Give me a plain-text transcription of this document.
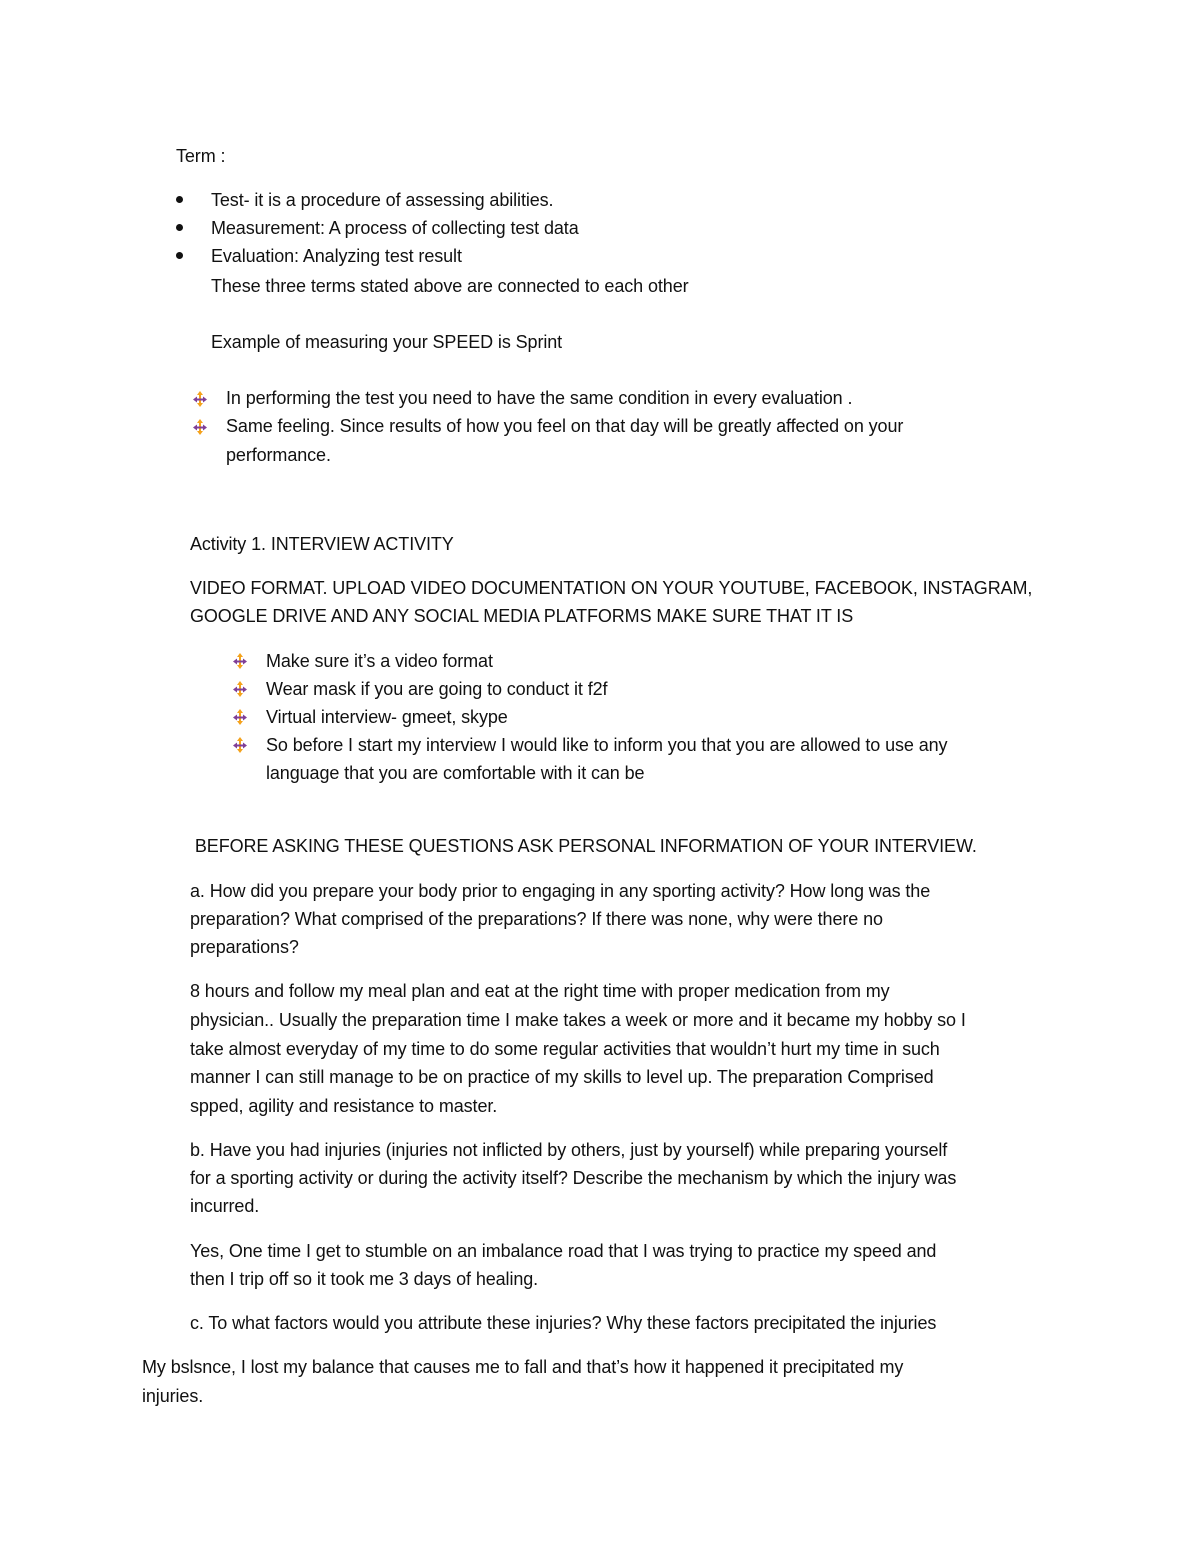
Term :
Test- it is a procedure of assessing abilities.
Measurement: A process of collecting test data
Evaluation: Analyzing test result
These three terms stated above are connected to each other
Example of measuring your SPEED is Sprint
In performing the test you need to have the same condition in every evaluation .
Same feeling. Since results of how you feel on that day will be greatly affected on your
performance.
Activity 1. INTERVIEW ACTIVITY
VIDEO FORMAT. UPLOAD VIDEO DOCUMENTATION ON YOUR YOUTUBE, FACEBOOK, INSTAGRAM,
GOOGLE DRIVE AND ANY SOCIAL MEDIA PLATFORMS MAKE SURE THAT IT IS
Make sure it’s a video format
Wear mask if you are going to conduct it f2f
Virtual interview- gmeet, skype
So before I start my interview I would like to inform you that you are allowed to use any
language that you are comfortable with it can be
BEFORE ASKING THESE QUESTIONS ASK PERSONAL INFORMATION OF YOUR INTERVIEW.
a. How did you prepare your body prior to engaging in any sporting activity? How long was the
preparation? What comprised of the preparations? If there was none, why were there no
preparations?
8 hours and follow my meal plan and eat at the right time with proper medication from my
physician.. Usually the preparation time I make takes a week or more and it became my hobby so I
take almost everyday of my time to do some regular activities that wouldn’t hurt my time in such
manner I can still manage to be on practice of my skills to level up. The preparation Comprised
spped, agility and resistance to master.
b. Have you had injuries (injuries not inflicted by others, just by yourself) while preparing yourself
for a sporting activity or during the activity itself? Describe the mechanism by which the injury was
incurred.
Yes, One time I get to stumble on an imbalance road that I was trying to practice my speed and
then I trip off so it took me 3 days of healing.
c. To what factors would you attribute these injuries? Why these factors precipitated the injuries
My bslsnce, I lost my balance that causes me to fall and that’s how it happened it precipitated my
injuries.
